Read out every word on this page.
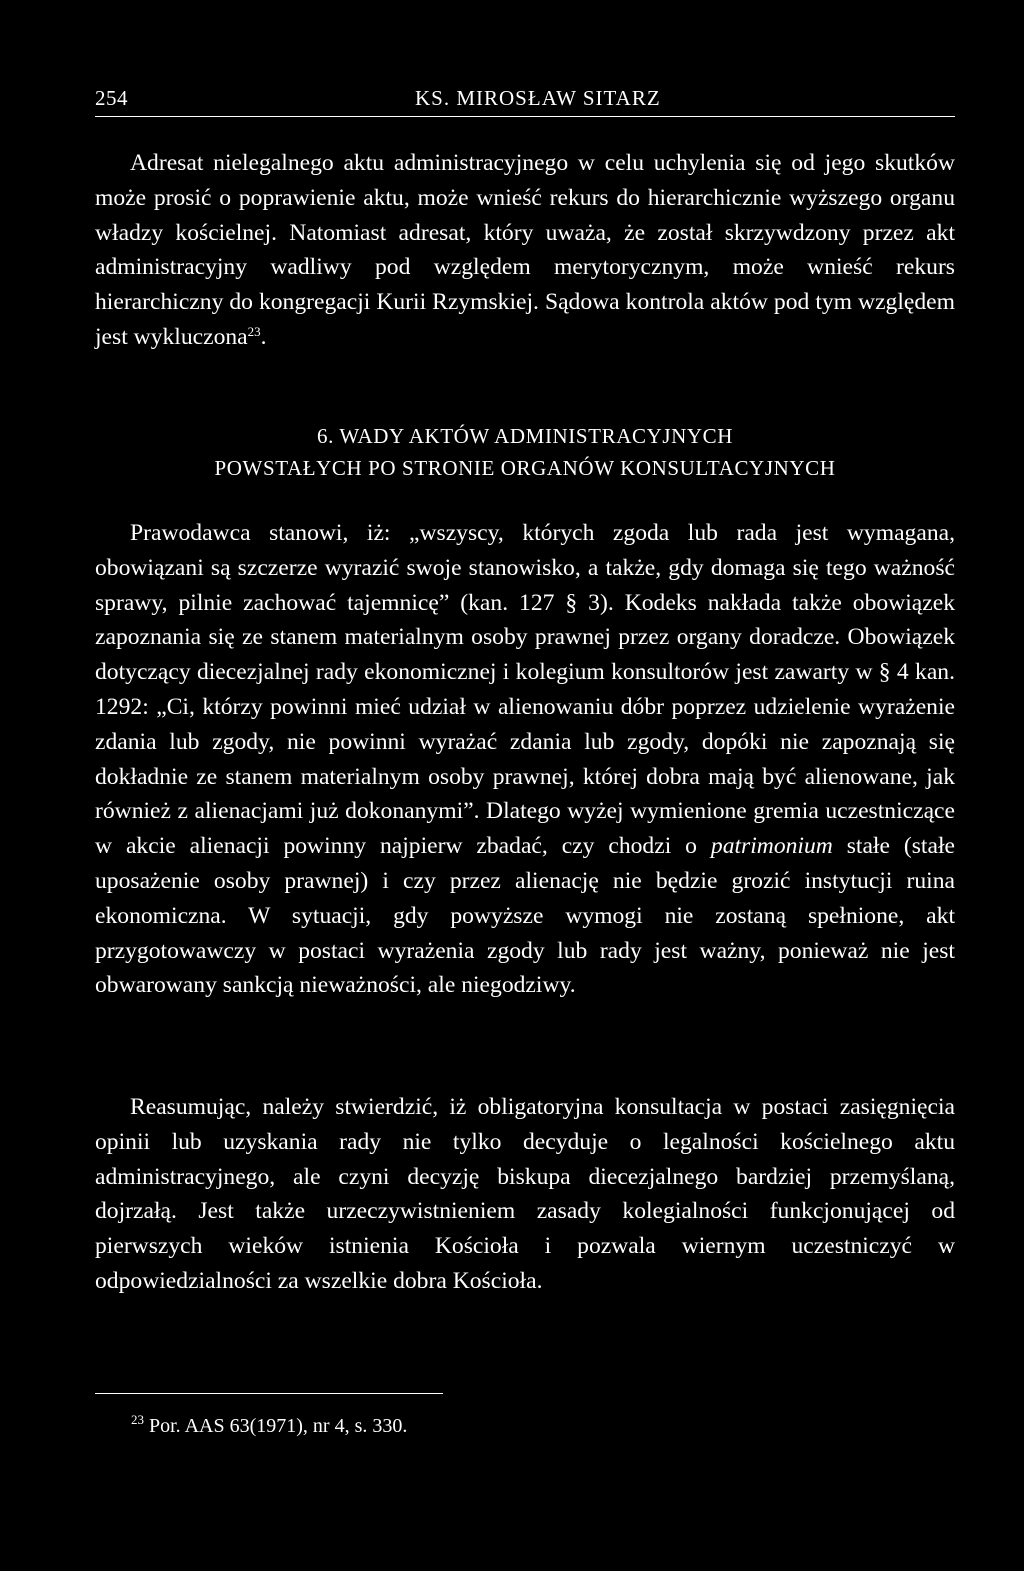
254	KS. MIROSŁAW SITARZ

Adresat nielegalnego aktu administracyjnego w celu uchylenia się od jego skutków może prosić o poprawienie aktu, może wnieść rekurs do hierarchicznie wyższego organu władzy kościelnej. Natomiast adresat, który uważa, że został skrzywdzony przez akt administracyjny wadliwy pod względem merytorycznym, może wnieść rekurs hierarchiczny do kongregacji Kurii Rzymskiej. Sądowa kontrola aktów pod tym względem jest wykluczona$^{23}$.

6. WADY AKTÓW ADMINISTRACYJNYCH
POWSTAŁYCH PO STRONIE ORGANÓW KONSULTACYJNYCH

Prawodawca stanowi, iż: „wszyscy, których zgoda lub rada jest wymagana, obowiązani są szczerze wyrazić swoje stanowisko, a także, gdy domaga się tego ważność sprawy, pilnie zachować tajemnicę” (kan. 127 § 3). Kodeks nakłada także obowiązek zapoznania się ze stanem materialnym osoby prawnej przez organy doradcze. Obowiązek dotyczący diecezjalnej rady ekonomicznej i kolegium konsultorów jest zawarty w § 4 kan. 1292: „Ci, którzy powinni mieć udział w alienowaniu dóbr poprzez udzielenie wyrażenie zdania lub zgody, nie powinni wyrażać zdania lub zgody, dopóki nie zapoznają się dokładnie ze stanem materialnym osoby prawnej, której dobra mają być alienowane, jak również z alienacjami już dokonanymi”. Dlatego wyżej wymienione gremia uczestniczące w akcie alienacji powinny najpierw zbadać, czy chodzi o patrimonium stałe (stałe uposażenie osoby prawnej) i czy przez alienację nie będzie grozić instytucji ruina ekonomiczna. W sytuacji, gdy powyższe wymogi nie zostaną spełnione, akt przygotowawczy w postaci wyrażenia zgody lub rady jest ważny, ponieważ nie jest obwarowany sankcją nieważności, ale niegodziwy.

Reasumując, należy stwierdzić, iż obligatoryjna konsultacja w postaci zasięgnięcia opinii lub uzyskania rady nie tylko decyduje o legalności kościelnego aktu administracyjnego, ale czyni decyzję biskupa diecezjalnego bardziej przemyślaną, dojrzałą. Jest także urzeczywistnieniem zasady kolegialności funkcjonującej od pierwszych wieków istnienia Kościoła i pozwala wiernym uczestniczyć w odpowiedzialności za wszelkie dobra Kościoła.

$^{23}$ Por. AAS 63(1971), nr 4, s. 330.
